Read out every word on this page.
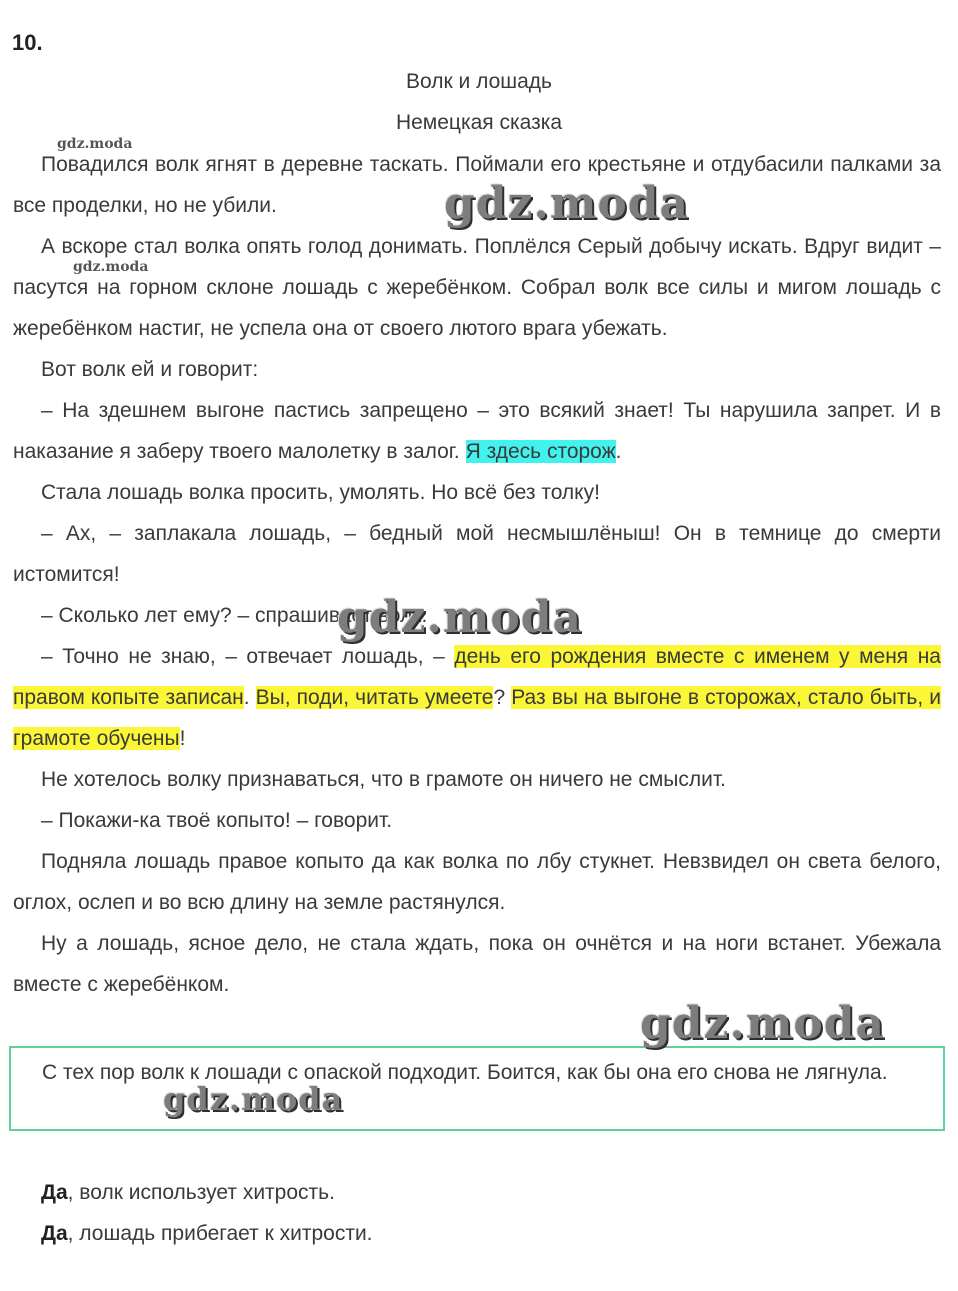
10.
Волк и лошадь
Немецкая сказка

Повадился волк ягнят в деревне таскать. Поймали его крестьяне и отдубасили палками за все проделки, но не убили.

А вскоре стал волка опять голод донимать. Поплёлся Серый добычу искать. Вдруг видит – пасутся на горном склоне лошадь с жеребёнком. Собрал волк все силы и мигом лошадь с жеребёнком настиг, не успела она от своего лютого врага убежать.

Вот волк ей и говорит:

– На здешнем выгоне пастись запрещено – это всякий знает! Ты нарушила запрет. И в наказание я заберу твоего малолетку в залог. Я здесь сторож.

Стала лошадь волка просить, умолять. Но всё без толку!

– Ах, – заплакала лошадь, – бедный мой несмышлёныш! Он в темнице до смерти истомится!

– Сколько лет ему? – спрашивает волк.

– Точно не знаю, – отвечает лошадь, – день его рождения вместе с именем у меня на правом копыте записан. Вы, поди, читать умеете? Раз вы на выгоне в сторожах, стало быть, и грамоте обучены!

Не хотелось волку признаваться, что в грамоте он ничего не смыслит.

– Покажи-ка твоё копыто! – говорит.

Подняла лошадь правое копыто да как волка по лбу стукнет. Невзвидел он света белого, оглох, ослеп и во всю длину на земле растянулся.

Ну а лошадь, ясное дело, не стала ждать, пока он очнётся и на ноги встанет. Убежала вместе с жеребёнком.

С тех пор волк к лошади с опаской подходит. Боится, как бы она его снова не лягнула.

Да, волк использует хитрость.
Да, лошадь прибегает к хитрости.
gdz.moda
gdz.moda
gdz.moda
gdz.moda
gdz.moda
gdz.moda
